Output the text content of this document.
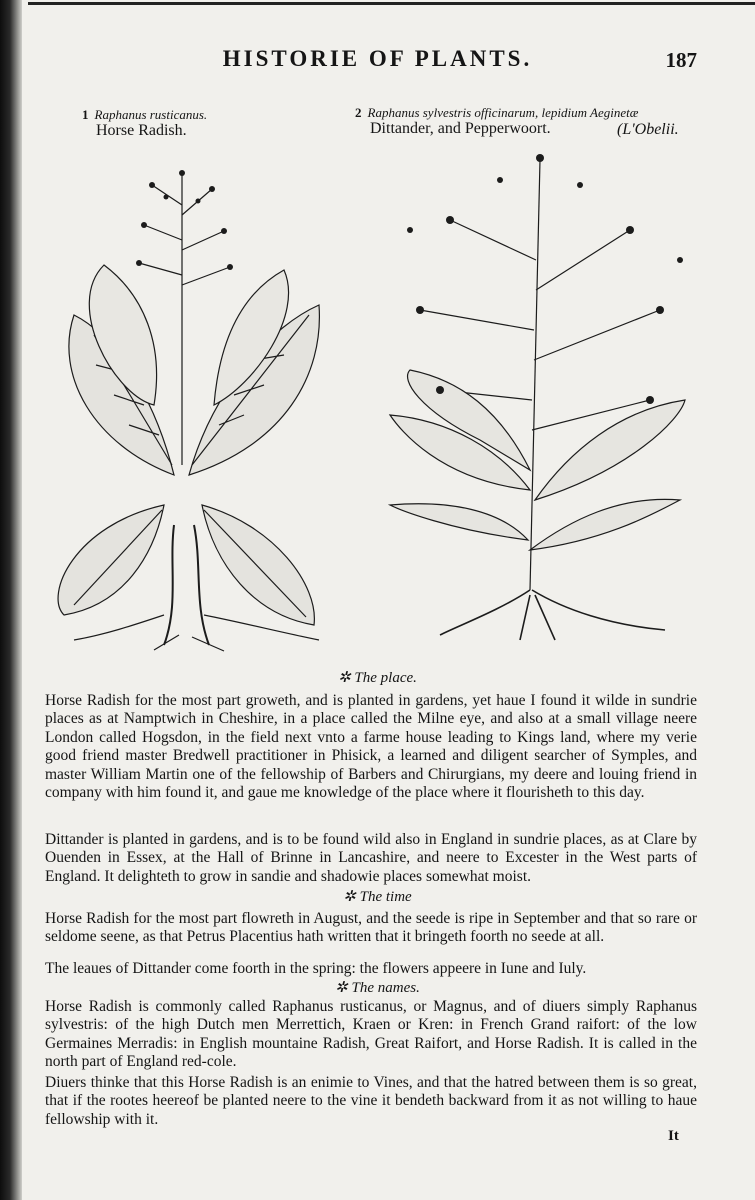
HISTORIE OF PLANTS.	187
1 Raphanus rusticanus.
Horse Radish.
2 Raphanus sylvestris officinarum, lepidium Aeginetæ
Dittander, and Pepperwoort.	(L'Obelii.
✲ The place.

Horse Radish for the most part groweth, and is planted in gardens, yet haue I found it wilde in sundrie places as at Namptwich in Cheshire, in a place called the Milne eye, and also at a small village neere London called Hogsdon, in the field next vnto a farme house leading to Kings land, where my verie good friend master Bredwell practitioner in Phisick, a learned and diligent searcher of Symples, and master William Martin one of the fellowship of Barbers and Chirurgians, my deere and louing friend in company with him found it, and gaue me knowledge of the place where it flourisheth to this day.

Dittander is planted in gardens, and is to be found wild also in England in sundrie places, as at Clare by Ouenden in Essex, at the Hall of Brinne in Lancashire, and neere to Excester in the West parts of England. It delighteth to grow in sandie and shadowie places somewhat moist.

✲ The time

Horse Radish for the most part flowreth in August, and the seede is ripe in September and that so rare or seldome seene, as that Petrus Placentius hath written that it bringeth foorth no seede at all.

The leaues of Dittander come foorth in the spring: the flowers appeere in Iune and Iuly.

✲ The names.

Horse Radish is commonly called Raphanus rusticanus, or Magnus, and of diuers simply Raphanus sylvestris: of the high Dutch men Merrettich, Kraen or Kren: in French Grand raifort: of the low Germaines Merradis: in English mountaine Radish, Great Raifort, and Horse Radish. It is called in the north part of England red-cole.

Diuers thinke that this Horse Radish is an enimie to Vines, and that the hatred between them is so great, that if the rootes heereof be planted neere to the vine it bendeth backward from it as not willing to haue fellowship with it.

It
